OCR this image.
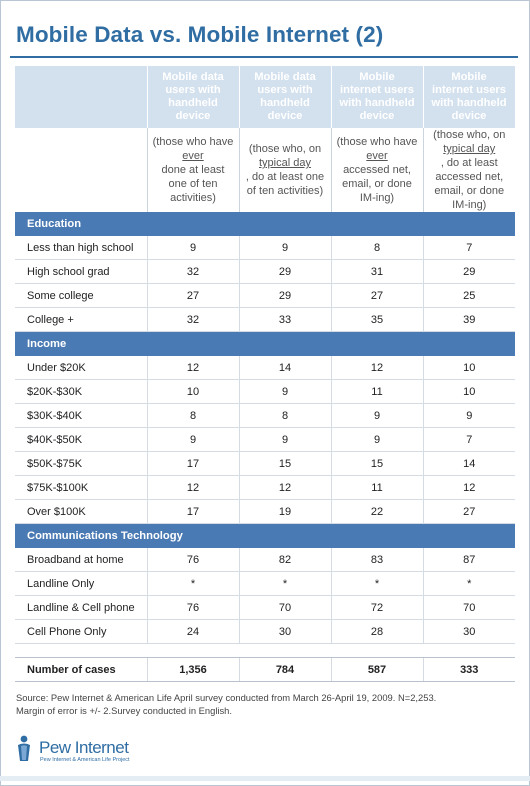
Mobile Data vs. Mobile Internet (2)

	Mobile data users with handheld device	Mobile data users with handheld device	Mobile internet users with handheld device	Mobile internet users with handheld device

	(those who have
ever
done at least one of ten activities)	(those who, on
typical day
, do at least one of ten activities)	(those who have
ever
accessed net, email, or done IM-ing)	(those who, on
typical day
, do at least accessed net, email, or done IM-ing)

Education				
Less than high school	9	9	8	7
High school grad	32	29	31	29
Some college	27	29	27	25
College +	32	33	35	39
Income				
Under $20K	12	14	12	10
$20K-$30K	10	9	11	10
$30K-$40K	8	8	9	9
$40K-$50K	9	9	9	7
$50K-$75K	17	15	15	14
$75K-$100K	12	12	11	12
Over $100K	17	19	22	27
Communications Technology				
Broadband at home	76	82	83	87
Landline Only	*	*	*	*
Landline & Cell phone	76	70	72	70
Cell Phone Only	24	30	28	30

Number of cases	1,356	784	587	333
Source: Pew Internet & American Life April survey conducted from March 26-April 19, 2009. N=2,253.
Margin of error is +/- 2.Survey conducted in English.
Pew Internet
Pew Internet & American Life Project
